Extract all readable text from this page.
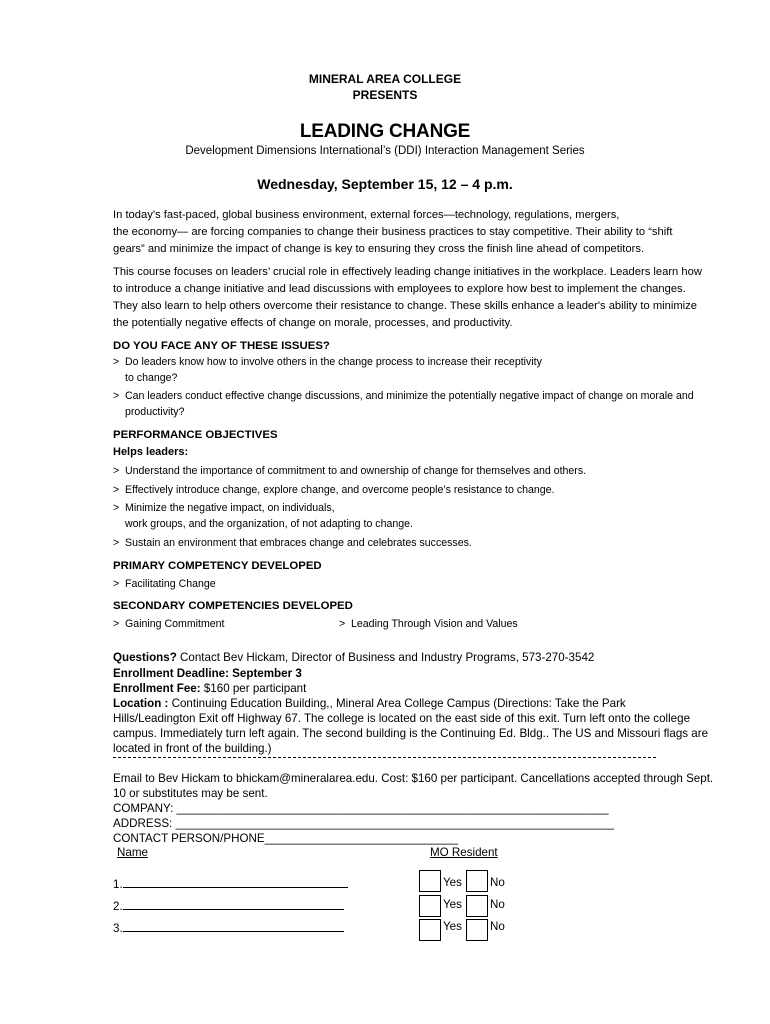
MINERAL AREA COLLEGE
PRESENTS
LEADING CHANGE
Development Dimensions International’s (DDI) Interaction Management Series
Wednesday, September 15, 12 – 4 p.m.
In today’s fast-paced, global business environment, external forces—technology, regulations, mergers,
the economy— are forcing companies to change their business practices to stay competitive. Their ability to “shift
gears” and minimize the impact of change is key to ensuring they cross the finish line ahead of competitors.
This course focuses on leaders’ crucial role in effectively leading change initiatives in the workplace. Leaders learn how
to introduce a change initiative and lead discussions with employees to explore how best to implement the changes.
They also learn to help others overcome their resistance to change. These skills enhance a leader's ability to minimize
the potentially negative effects of change on morale, processes, and productivity.
DO YOU FACE ANY OF THESE ISSUES?
> Do leaders know how to involve others in the change process to increase their receptivity
to change?
> Can leaders conduct effective change discussions, and minimize the potentially negative impact of change on morale and
productivity?
PERFORMANCE OBJECTIVES
Helps leaders:
> Understand the importance of commitment to and ownership of change for themselves and others.
> Effectively introduce change, explore change, and overcome people’s resistance to change.
> Minimize the negative impact, on individuals,
work groups, and the organization, of not adapting to change.
> Sustain an environment that embraces change and celebrates successes.
PRIMARY COMPETENCY DEVELOPED
> Facilitating Change
SECONDARY COMPETENCIES DEVELOPED
> Gaining Commitment	> Leading Through Vision and Values
Questions? Contact Bev Hickam, Director of Business and Industry Programs, 573-270-3542
Enrollment Deadline: September 3
Enrollment Fee: $160 per participant
Location : Continuing Education Building,, Mineral Area College Campus (Directions: Take the Park
Hills/Leadington Exit off Highway 67. The college is located on the east side of this exit. Turn left onto the college
campus. Immediately turn left again. The second building is the Continuing Ed. Bldg.. The US and Missouri flags are
located in front of the building.)
Email to Bev Hickam to bhickam@mineralarea.edu. Cost: $160 per participant. Cancellations accepted through Sept.
10 or substitutes may be sent.
COMPANY: ___________________________________________________________________
ADDRESS: ____________________________________________________________________
CONTACT PERSON/PHONE______________________________
Name	MO Resident
1.	Yes No
2.	Yes No
3.	Yes No
